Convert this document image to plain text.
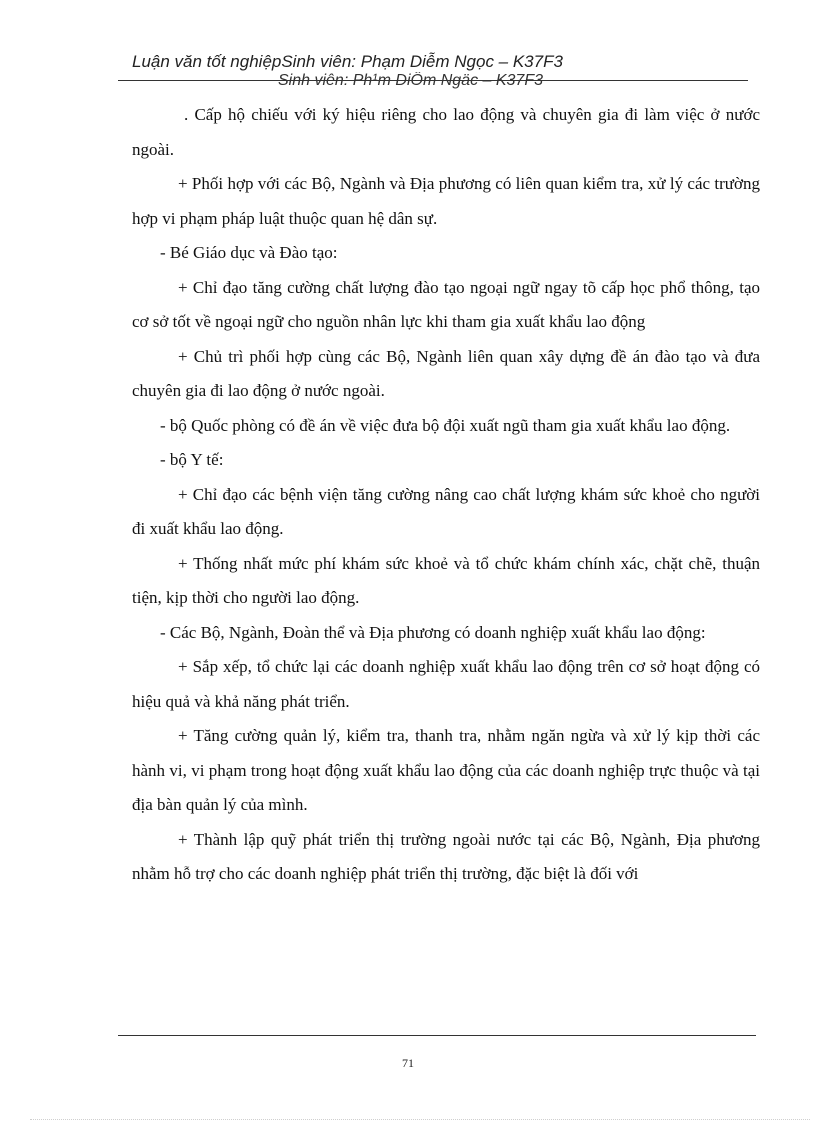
Luận văn tốt nghiệpSinh viên: Phạm Diễm Ngọc – K37F3
Sinh viên: Ph¹m DiÔm Ngäc – K37F3

. Cấp hộ chiếu với ký hiệu riêng cho lao động và chuyên gia đi làm việc ở nước ngoài.

+ Phối hợp với các Bộ, Ngành và Địa phương có liên quan kiểm tra, xử lý các trường hợp vi phạm pháp luật thuộc quan hệ dân sự.

- Bé Giáo dục và Đào tạo:

+ Chỉ đạo tăng cường chất lượng đào tạo ngoại ngữ ngay tõ cấp học phổ thông, tạo cơ sở tốt về ngoại ngữ cho nguồn nhân lực khi tham gia xuất khẩu lao động

+ Chủ trì phối hợp cùng các Bộ, Ngành liên quan xây dựng đề án đào tạo và đưa chuyên gia đi lao động ở nước ngoài.

- bộ Quốc phòng có đề án về việc đưa bộ đội xuất ngũ tham gia xuất khẩu lao động.

- bộ Y tế:

+ Chỉ đạo các bệnh viện tăng cường nâng cao chất lượng khám sức khoẻ cho người đi xuất khẩu lao động.

+ Thống nhất mức phí khám sức khoẻ và tổ chức khám chính xác, chặt chẽ, thuận tiện, kịp thời cho người lao động.

- Các Bộ, Ngành, Đoàn thể và Địa phương có doanh nghiệp xuất khẩu lao động:

+ Sắp xếp, tổ chức lại các doanh nghiệp xuất khẩu lao động trên cơ sở hoạt động có hiệu quả và khả năng phát triển.

+ Tăng cường quản lý, kiểm tra, thanh tra, nhằm ngăn ngừa và xử lý kịp thời các hành vi, vi phạm trong hoạt động xuất khẩu lao động của các doanh nghiệp trực thuộc và tại địa bàn quản lý của mình.

+ Thành lập quỹ phát triển thị trường ngoài nước tại các Bộ, Ngành, Địa phương nhằm hỗ trợ cho các doanh nghiệp phát triển thị trường, đặc biệt là đối với

71
